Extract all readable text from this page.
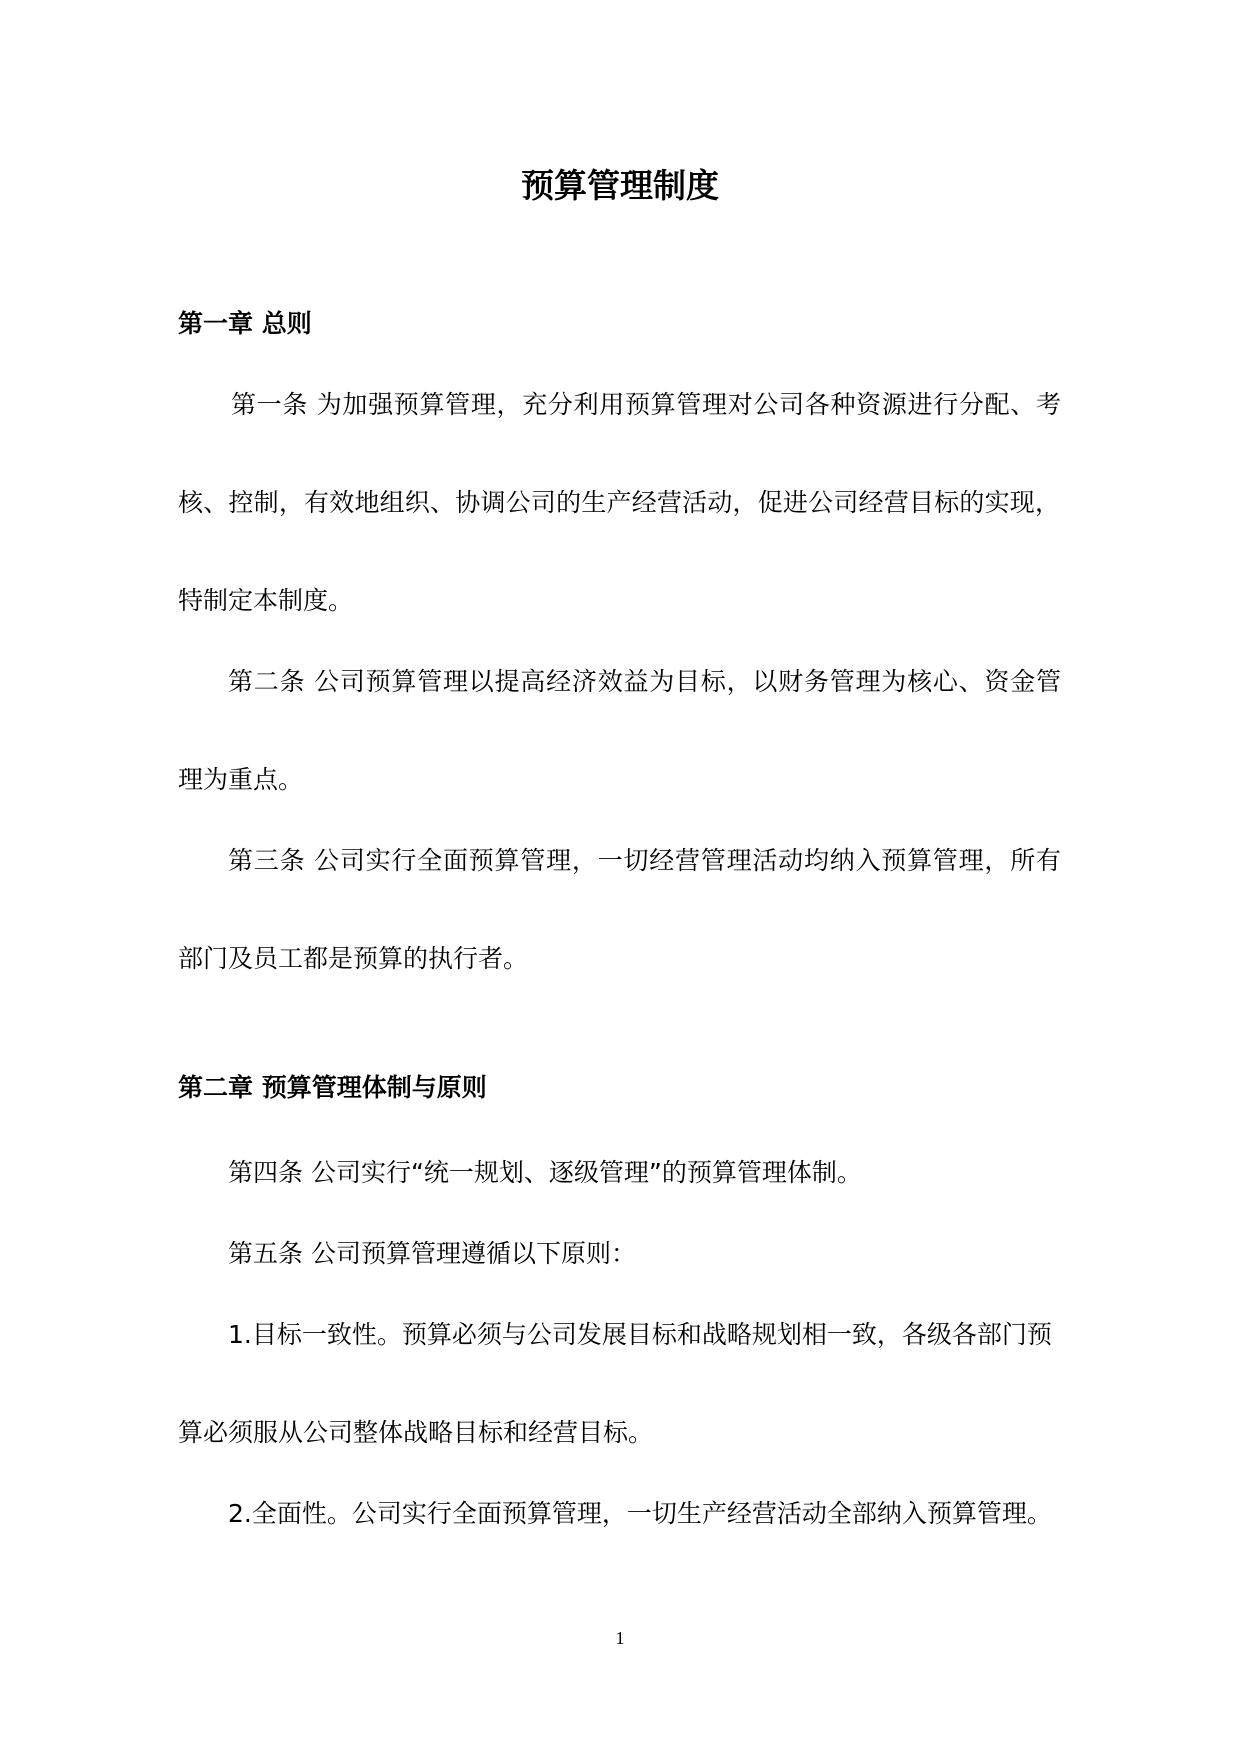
预算管理制度
第一章 总则
第一条 为加强预算管理，充分利用预算管理对公司各种资源进行分配、考
核、控制，有效地组织、协调公司的生产经营活动，促进公司经营目标的实现，
特制定本制度。
第二条 公司预算管理以提高经济效益为目标，以财务管理为核心、资金管
理为重点。
第三条 公司实行全面预算管理，一切经营管理活动均纳入预算管理，所有
部门及员工都是预算的执行者。
第二章 预算管理体制与原则
第四条 公司实行“统一规划、逐级管理”的预算管理体制。
第五条 公司预算管理遵循以下原则：
1.目标一致性。预算必须与公司发展目标和战略规划相一致，各级各部门预
算必须服从公司整体战略目标和经营目标。
2.全面性。公司实行全面预算管理，一切生产经营活动全部纳入预算管理。
1
